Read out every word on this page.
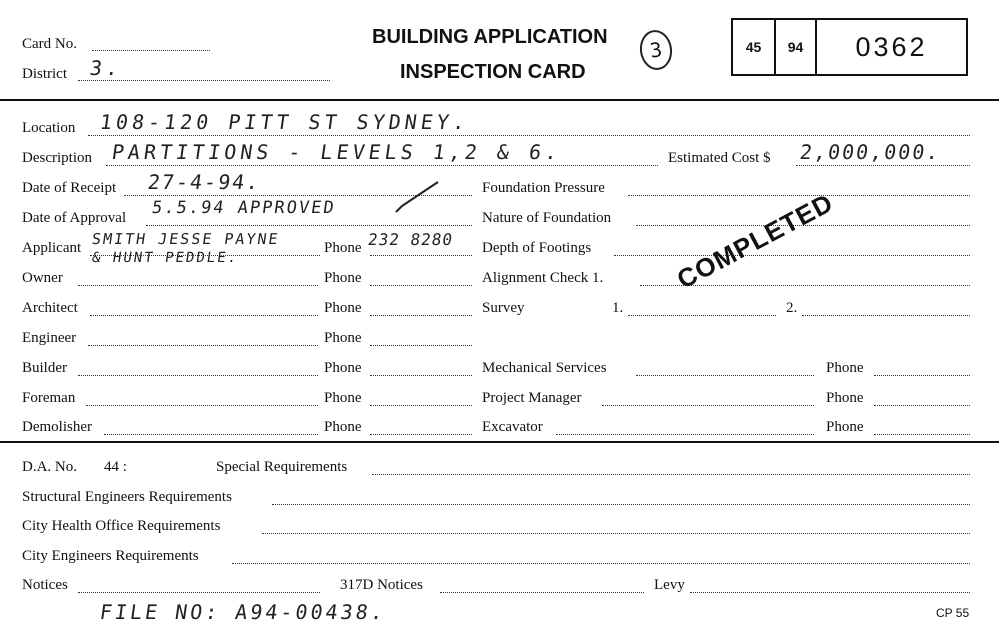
Card No.
District 3.
BUILDING APPLICATION
INSPECTION CARD
3	45	94	0362
Location 108-120 PITT ST SYDNEY.
Description PARTITIONS - LEVELS 1,2 & 6.	Estimated Cost $ 2,000,000.
Date of Receipt 27-4-94.	Foundation Pressure
Date of Approval 5.5.94 APPROVED	Nature of Foundation
Applicant SMITH JESSE PAYNE
& HUNT PEDDLE.
Phone 232 8280 Depth of Footings
Owner	Phone	Alignment Check 1.
Architect	Phone	Survey	1.	2.
Engineer	Phone
Builder	Phone	Mechanical Services	Phone
Foreman	Phone	Project Manager	Phone
Demolisher	Phone	Excavator	Phone
COMPLETED
D.A. No. 44 :	Special Requirements
Structural Engineers Requirements
City Health Office Requirements
City Engineers Requirements
Notices	317D Notices	Levy
FILE NO: A94-00438.	CP 55
